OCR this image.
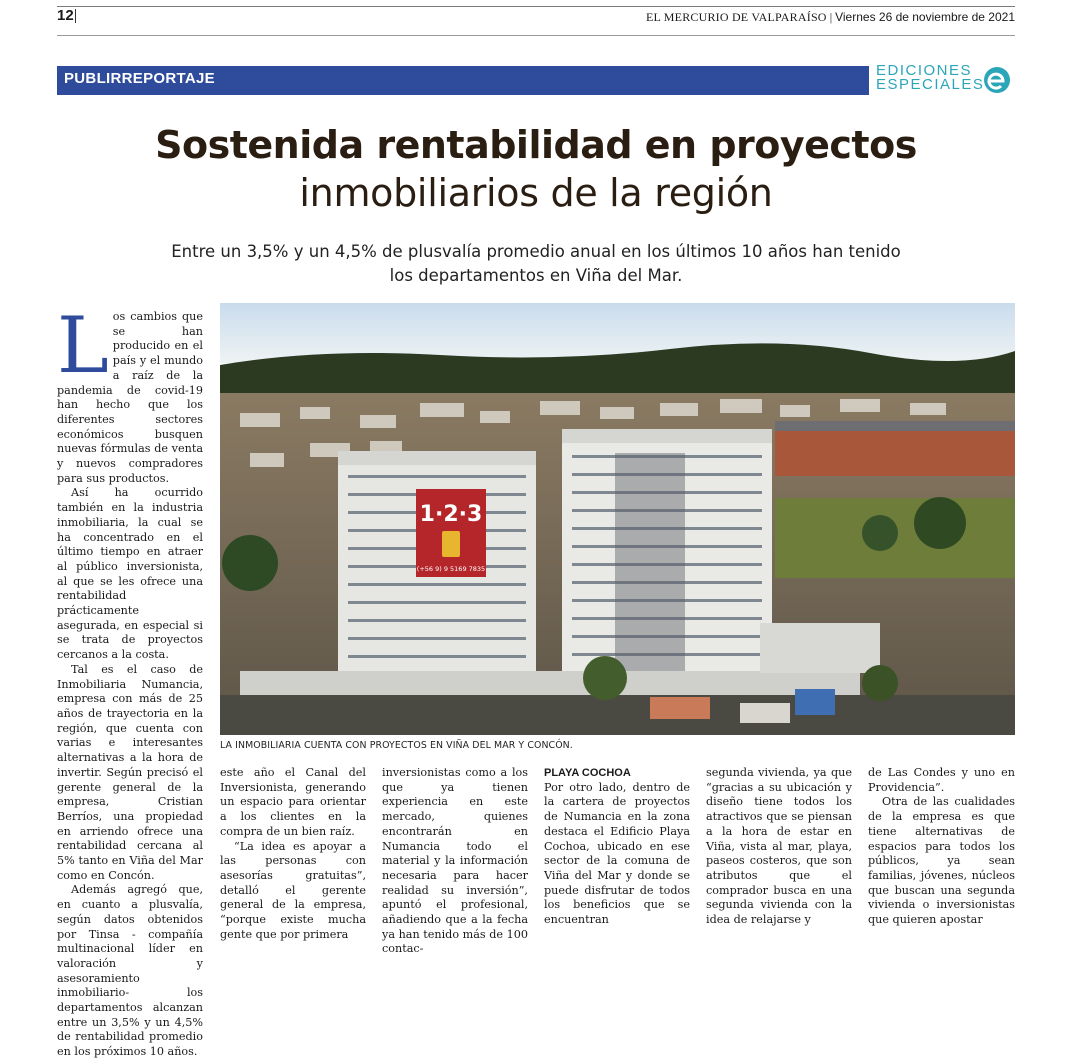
12	EL MERCURIO DE VALPARAÍSO | Viernes 26 de noviembre de 2021
PUBLIRREPORTAJE	EDICIONES
ESPECIALES
Sostenida rentabilidad en proyectos
inmobiliarios de la región
Entre un 3,5% y un 4,5% de plusvalía promedio anual en los últimos 10 años han tenido los departamentos en Viña del Mar.

Los cambios que se han producido en el país y el mundo a raíz de la pandemia de covid-19 han hecho que los diferentes sectores económicos busquen nuevas fórmulas de venta y nuevos compradores para sus productos.

Así ha ocurrido también en la industria inmobiliaria, la cual se ha concentrado en el último tiempo en atraer al público inversionista, al que se les ofrece una rentabilidad prácticamente asegurada, en especial si se trata de proyectos cercanos a la costa.

Tal es el caso de Inmobiliaria Numancia, empresa con más de 25 años de trayectoria en la región, que cuenta con varias e interesantes alternativas a la hora de invertir. Según precisó el gerente general de la empresa, Cristian Berríos, una propiedad en arriendo ofrece una rentabilidad cercana al 5% tanto en Viña del Mar como en Concón.

Además agregó que, en cuanto a plusvalía, según datos obtenidos por Tinsa - compañía multinacional líder en valoración y asesoramiento inmobiliario- los departamentos alcanzan entre un 3,5% y un 4,5% de rentabilidad promedio en los próximos 10 años.

1·2·3
(+56 9) 9 5169 7835
LA INMOBILIARIA CUENTA CON PROYECTOS EN VIÑA DEL MAR Y CONCÓN.

este año el Canal del Inversionista, generando un espacio para orientar a los clientes en la compra de un bien raíz.

“La idea es apoyar a las personas con asesorías gratuitas”, detalló el gerente general de la empresa, “porque existe mucha gente que por primera

inversionistas como a los que ya tienen experiencia en este mercado, quienes encontrarán en Numancia todo el material y la información necesaria para hacer realidad su inversión”, apuntó el profesional, añadiendo que a la fecha ya han tenido más de 100 contac-

PLAYA COCHOA

Por otro lado, dentro de la cartera de proyectos de Numancia en la zona destaca el Edificio Playa Cochoa, ubicado en ese sector de la comuna de Viña del Mar y donde se puede disfrutar de todos los beneficios que se encuentran

segunda vivienda, ya que “gracias a su ubicación y diseño tiene todos los atractivos que se piensan a la hora de estar en Viña, vista al mar, playa, paseos costeros, que son atributos que el comprador busca en una segunda vivienda con la idea de relajarse y

de Las Condes y uno en Providencia”.

Otra de las cualidades de la empresa es que tiene alternativas de espacios para todos los públicos, ya sean familias, jóvenes, núcleos que buscan una segunda vivienda o inversionistas que quieren apostar
